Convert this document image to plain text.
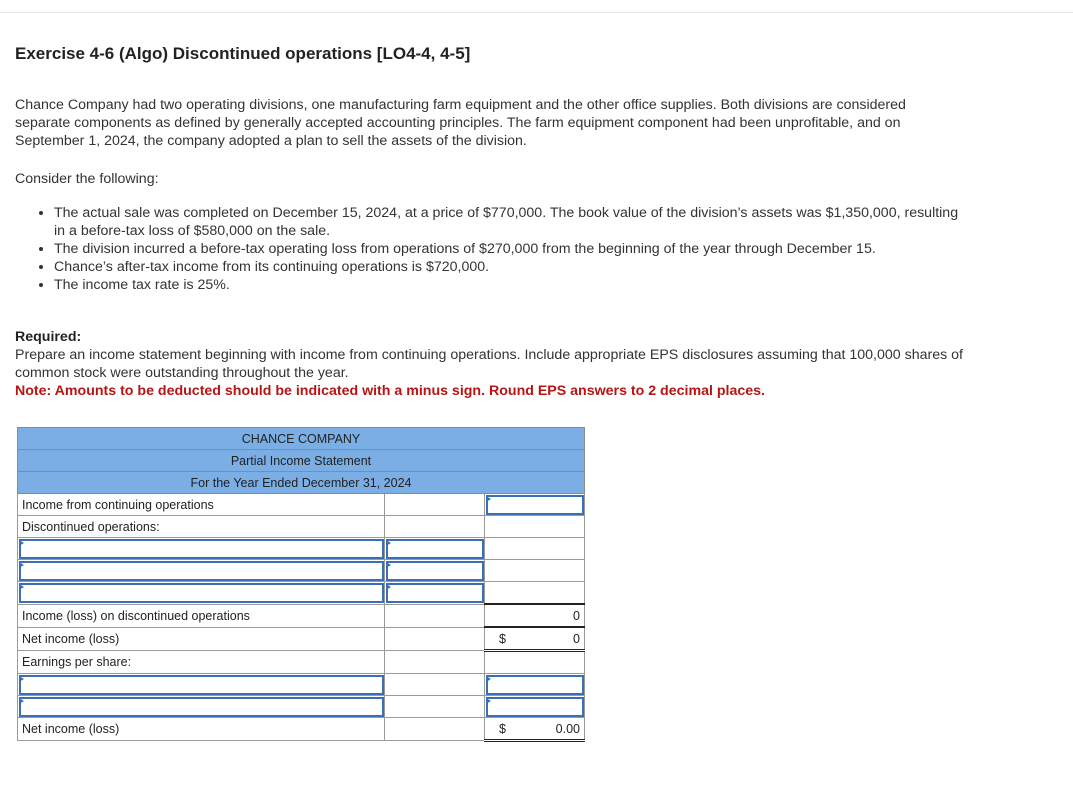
Exercise 4-6 (Algo) Discontinued operations [LO4-4, 4-5]
Chance Company had two operating divisions, one manufacturing farm equipment and the other office supplies. Both divisions are considered separate components as defined by generally accepted accounting principles. The farm equipment component had been unprofitable, and on September 1, 2024, the company adopted a plan to sell the assets of the division.
Consider the following:
• The actual sale was completed on December 15, 2024, at a price of $770,000. The book value of the division’s assets was $1,350,000, resulting in a before-tax loss of $580,000 on the sale.
• The division incurred a before-tax operating loss from operations of $270,000 from the beginning of the year through December 15.
• Chance’s after-tax income from its continuing operations is $720,000.
• The income tax rate is 25%.
Required:
Prepare an income statement beginning with income from continuing operations. Include appropriate EPS disclosures assuming that 100,000 shares of common stock were outstanding throughout the year.
Note: Amounts to be deducted should be indicated with a minus sign. Round EPS answers to 2 decimal places.
CHANCE COMPANY		
Partial Income Statement		
For the Year Ended December 31, 2024		
Income from continuing operations		
Discontinued operations:		

Income (loss) on discontinued operations		0
Net income (loss)		$ 0
Earnings per share:		

Net income (loss)		$ 0.00
